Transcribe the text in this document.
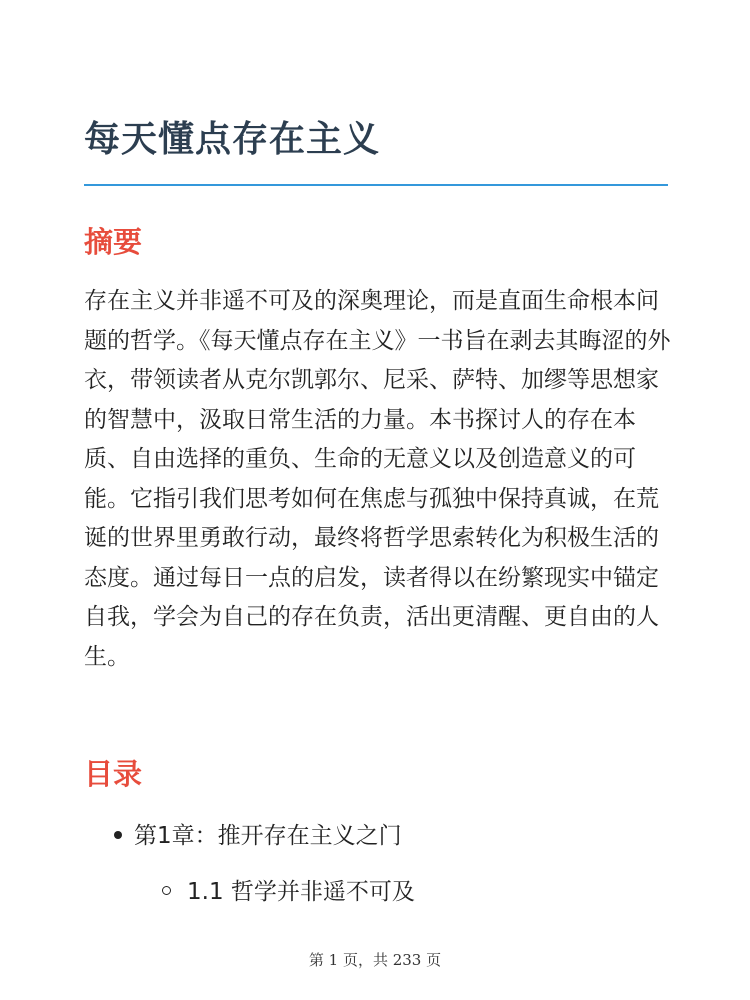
每天懂点存在主义
摘要

存在主义并非遥不可及的深奥理论，而是直面生命根本问题的哲学。《每天懂点存在主义》一书旨在剥去其晦涩的外衣，带领读者从克尔凯郭尔、尼采、萨特、加缪等思想家的智慧中，汲取日常生活的力量。本书探讨人的存在本质、自由选择的重负、生命的无意义以及创造意义的可能。它指引我们思考如何在焦虑与孤独中保持真诚，在荒诞的世界里勇敢行动，最终将哲学思索转化为积极生活的态度。通过每日一点的启发，读者得以在纷繁现实中锚定自我，学会为自己的存在负责，活出更清醒、更自由的人生。

目录
第1章：推开存在主义之门
1.1 哲学并非遥不可及
第 1 页，共 233 页
